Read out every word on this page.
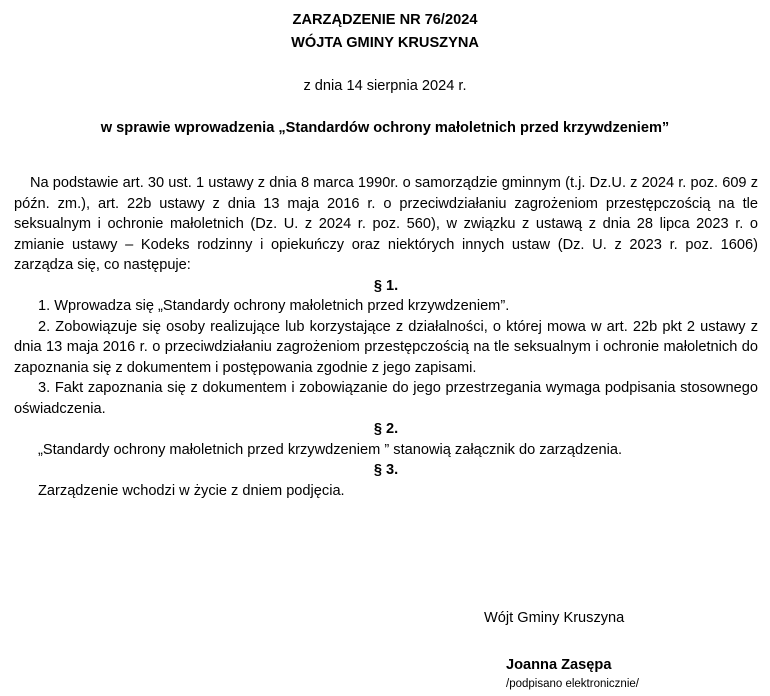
ZARZĄDZENIE NR 76/2024
WÓJTA GMINY KRUSZYNA
z dnia 14 sierpnia 2024 r.
w sprawie wprowadzenia „Standardów ochrony małoletnich przed krzywdzeniem”

Na podstawie art. 30 ust. 1 ustawy z dnia 8 marca 1990r. o samorządzie gminnym (t.j. Dz.U. z 2024 r. poz. 609 z późn. zm.), art. 22b ustawy z dnia 13 maja 2016 r. o przeciwdziałaniu zagrożeniom przestępczością na tle seksualnym i ochronie małoletnich (Dz. U. z 2024 r. poz. 560), w związku z ustawą z dnia 28 lipca 2023 r. o zmianie ustawy – Kodeks rodzinny i opiekuńczy oraz niektórych innych ustaw (Dz. U. z 2023 r. poz. 1606) zarządza się, co następuje:

§ 1.

1. Wprowadza się „Standardy ochrony małoletnich przed krzywdzeniem”.

2. Zobowiązuje się osoby realizujące lub korzystające z działalności, o której mowa w art. 22b pkt 2 ustawy z dnia 13 maja 2016 r. o przeciwdziałaniu zagrożeniom przestępczością na tle seksualnym i ochronie małoletnich do zapoznania się z dokumentem i postępowania zgodnie z jego zapisami.

3. Fakt zapoznania się z dokumentem i zobowiązanie do jego przestrzegania wymaga podpisania stosownego oświadczenia.

§ 2.

„Standardy ochrony małoletnich przed krzywdzeniem ” stanowią załącznik do zarządzenia.

§ 3.

Zarządzenie wchodzi w życie z dniem podjęcia.

Wójt Gminy Kruszyna
Joanna Zasępa
/podpisano elektronicznie/
